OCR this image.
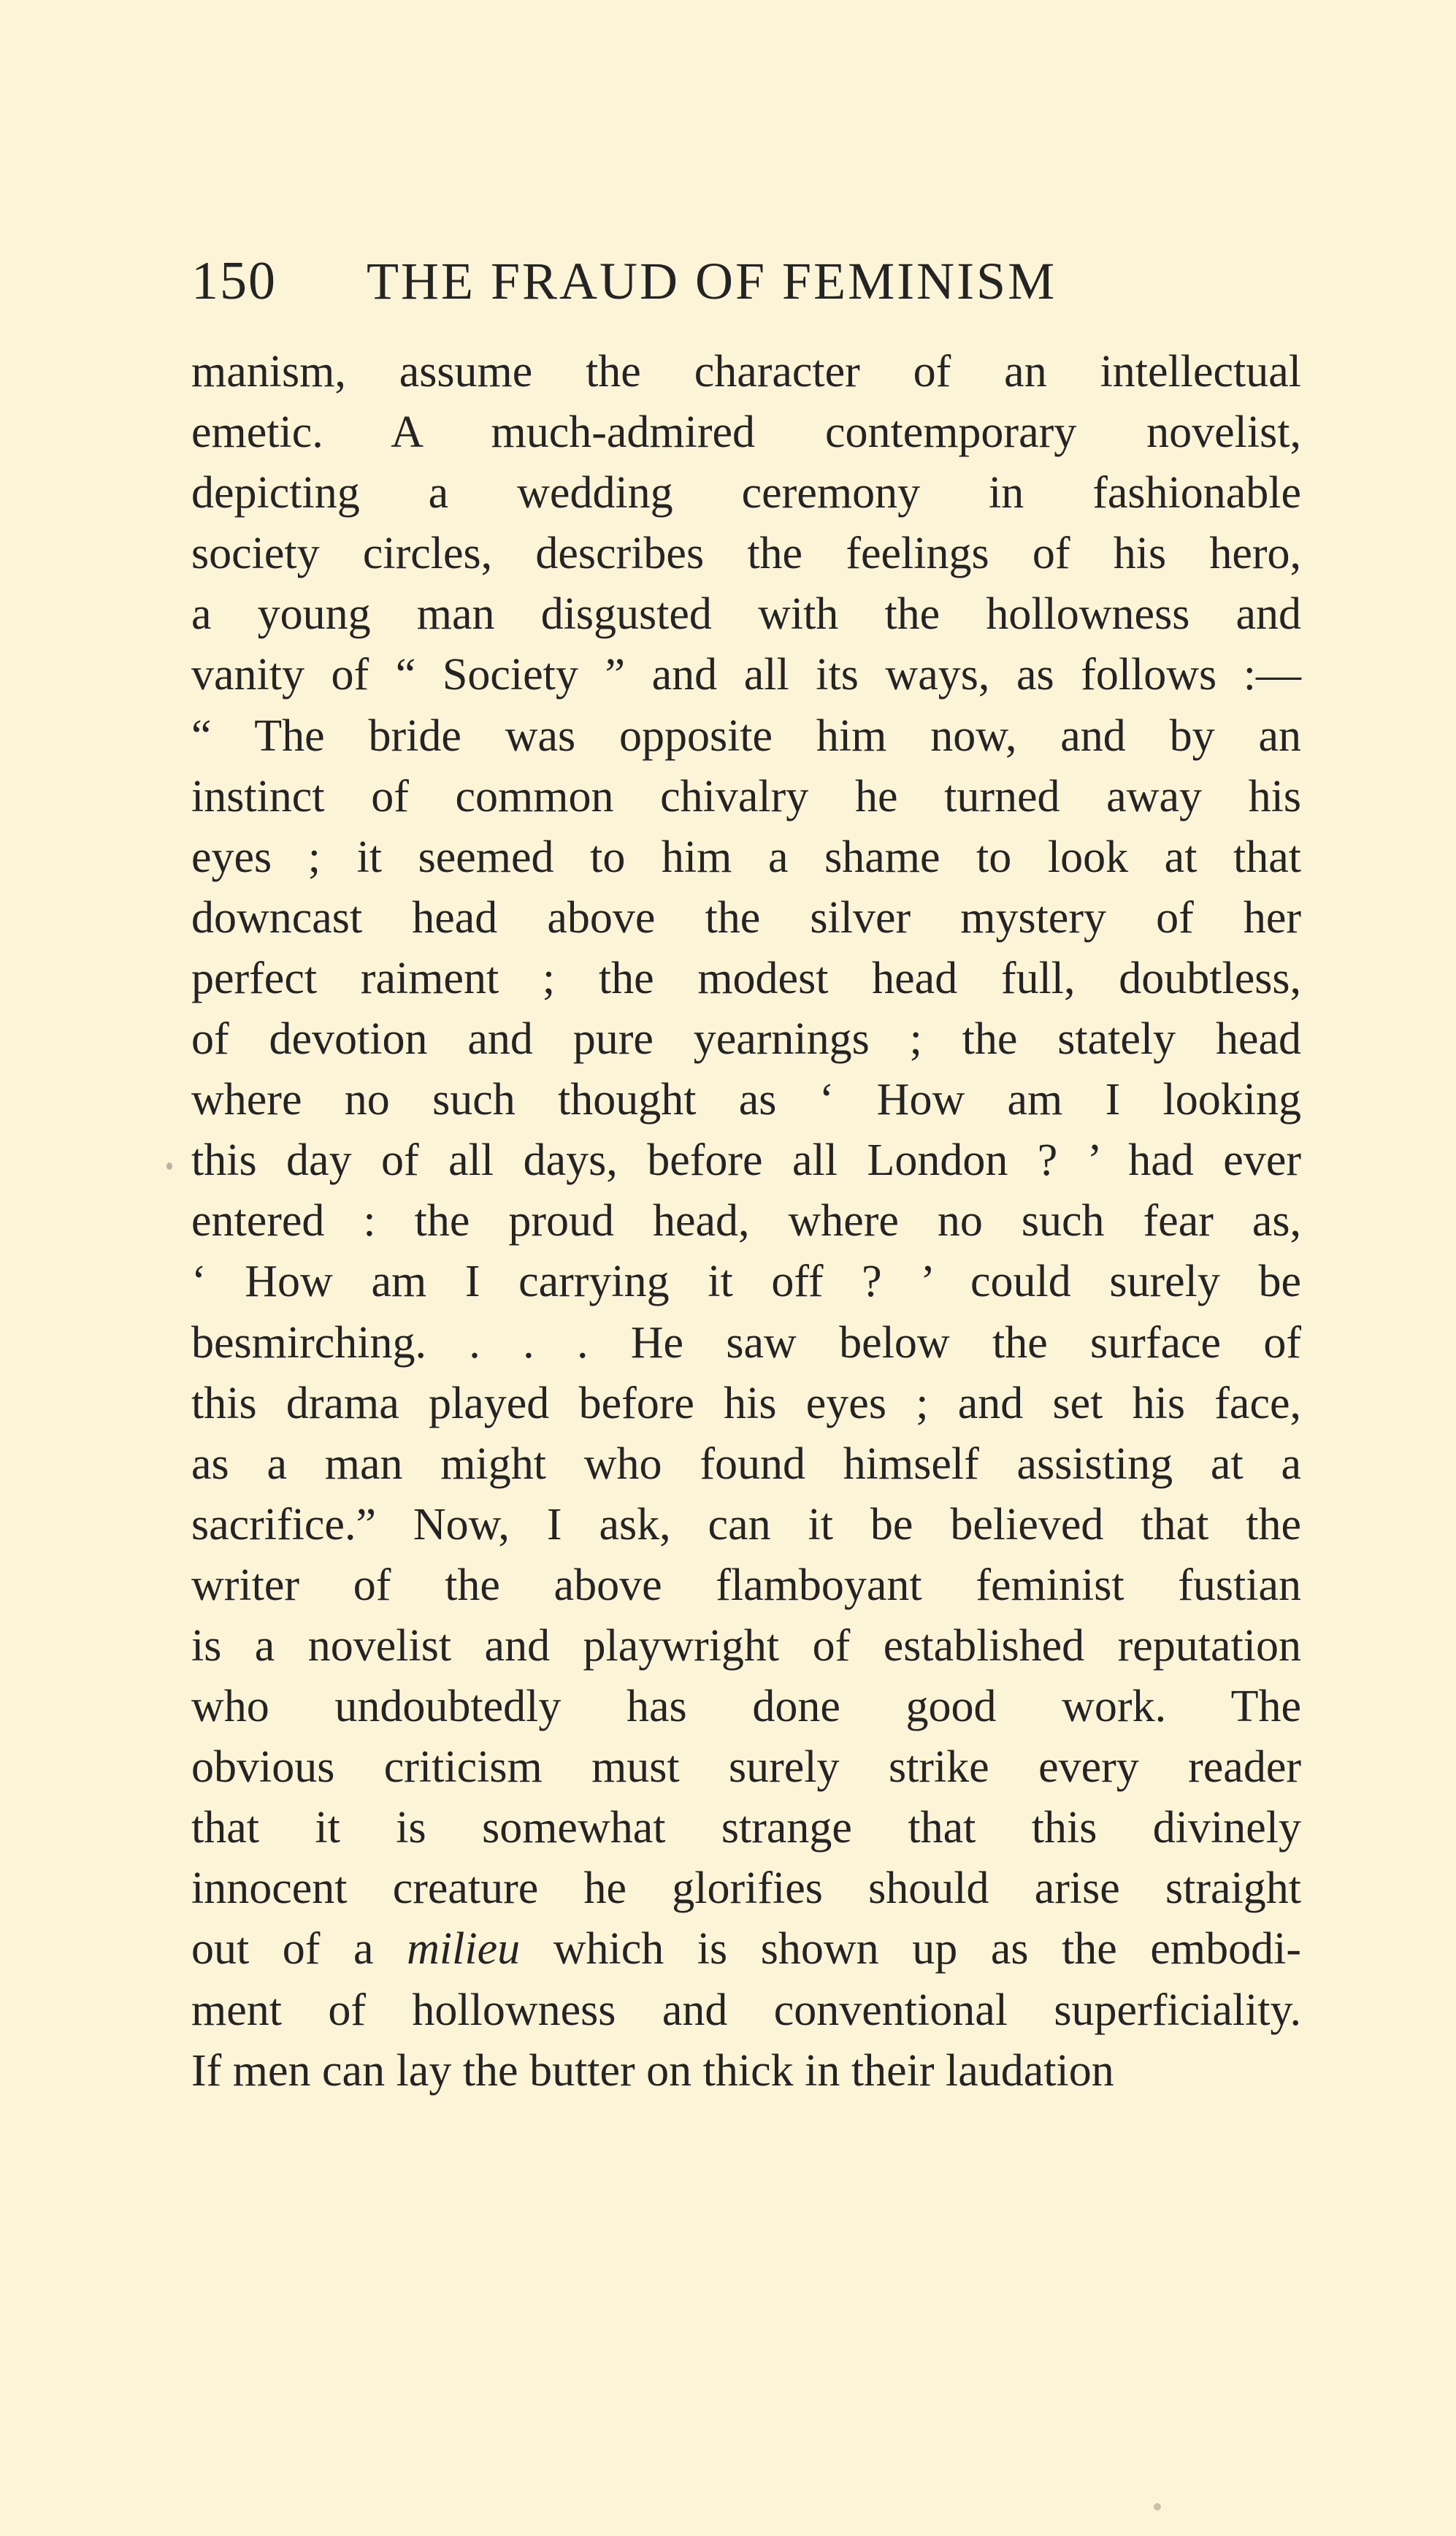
150 THE FRAUD OF FEMINISM
manism, assume the character of an intellectual
emetic. A much-admired contemporary novelist,
depicting a wedding ceremony in fashionable
society circles, describes the feelings of his hero,
a young man disgusted with the hollowness and
vanity of “ Society ” and all its ways, as follows :—
“ The bride was opposite him now, and by an
instinct of common chivalry he turned away his
eyes ; it seemed to him a shame to look at that
downcast head above the silver mystery of her
perfect raiment ; the modest head full, doubtless,
of devotion and pure yearnings ; the stately head
where no such thought as ‘ How am I looking
this day of all days, before all London ? ’ had ever
entered : the proud head, where no such fear as,
‘ How am I carrying it off ? ’ could surely be
besmirching. . . . He saw below the surface of
this drama played before his eyes ; and set his face,
as a man might who found himself assisting at a
sacrifice.” Now, I ask, can it be believed that the
writer of the above flamboyant feminist fustian
is a novelist and playwright of established reputation
who undoubtedly has done good work. The
obvious criticism must surely strike every reader
that it is somewhat strange that this divinely
innocent creature he glorifies should arise straight
out of a milieu which is shown up as the embodi-
ment of hollowness and conventional superficiality.
If men can lay the butter on thick in their laudation
